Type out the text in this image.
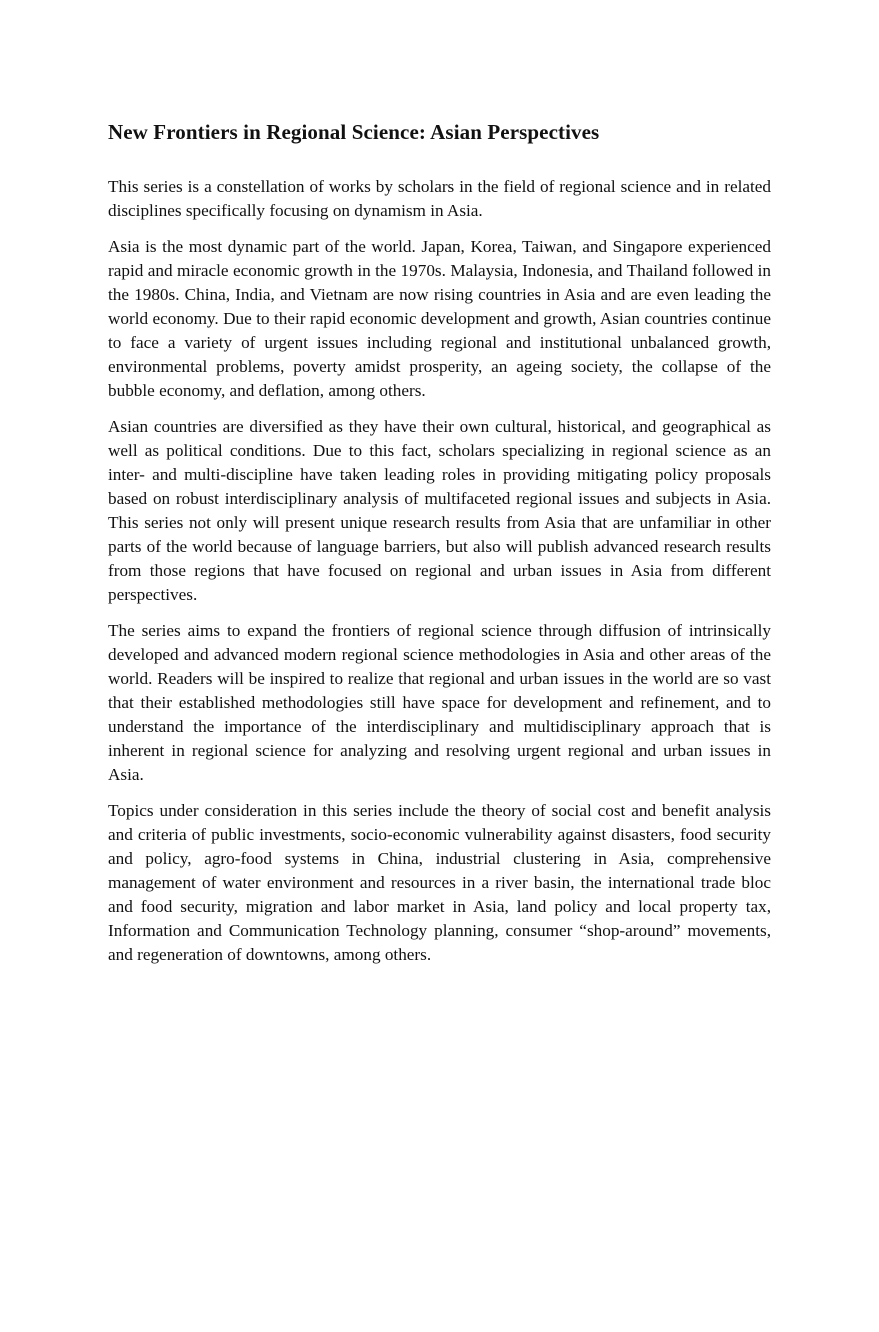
New Frontiers in Regional Science: Asian Perspectives

This series is a constellation of works by scholars in the field of regional science and in related disciplines specifically focusing on dynamism in Asia.

Asia is the most dynamic part of the world. Japan, Korea, Taiwan, and Singapore experienced rapid and miracle economic growth in the 1970s. Malaysia, Indonesia, and Thailand followed in the 1980s. China, India, and Vietnam are now rising countries in Asia and are even leading the world economy. Due to their rapid economic development and growth, Asian countries continue to face a variety of urgent issues including regional and institutional unbalanced growth, environmental problems, poverty amidst prosperity, an ageing society, the collapse of the bubble economy, and deflation, among others.

Asian countries are diversified as they have their own cultural, historical, and geographical as well as political conditions. Due to this fact, scholars specializing in regional science as an inter- and multi-discipline have taken leading roles in providing mitigating policy proposals based on robust interdisciplinary analysis of multifaceted regional issues and subjects in Asia. This series not only will present unique research results from Asia that are unfamiliar in other parts of the world because of language barriers, but also will publish advanced research results from those regions that have focused on regional and urban issues in Asia from different perspectives.

The series aims to expand the frontiers of regional science through diffusion of intrinsically developed and advanced modern regional science methodologies in Asia and other areas of the world. Readers will be inspired to realize that regional and urban issues in the world are so vast that their established methodologies still have space for development and refinement, and to understand the importance of the interdisciplinary and multidisciplinary approach that is inherent in regional science for analyzing and resolving urgent regional and urban issues in Asia.

Topics under consideration in this series include the theory of social cost and benefit analysis and criteria of public investments, socio-economic vulnerability against disasters, food security and policy, agro-food systems in China, industrial clustering in Asia, comprehensive management of water environment and resources in a river basin, the international trade bloc and food security, migration and labor market in Asia, land policy and local property tax, Information and Communication Technology planning, consumer “shop-around” movements, and regeneration of downtowns, among others.
